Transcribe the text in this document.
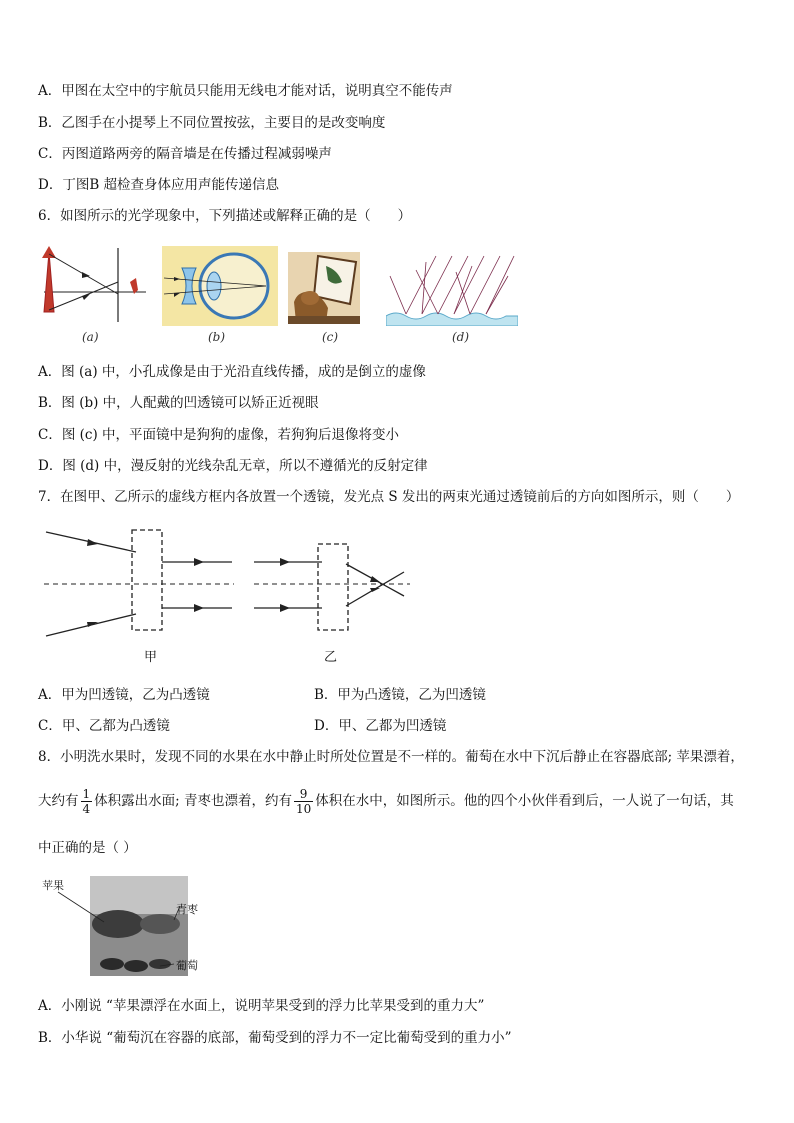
A．甲图在太空中的宇航员只能用无线电才能对话，说明真空不能传声
B．乙图手在小提琴上不同位置按弦，主要目的是改变响度
C．丙图道路两旁的隔音墙是在传播过程减弱噪声
D．丁图B 超检查身体应用声能传递信息
6．如图所示的光学现象中，下列描述或解释正确的是（　　）
(a)	(b)	(c)	(d)
A．图 (a) 中，小孔成像是由于光沿直线传播，成的是倒立的虚像
B．图 (b) 中，人配戴的凹透镜可以矫正近视眼
C．图 (c) 中，平面镜中是狗狗的虚像，若狗狗后退像将变小
D．图 (d) 中，漫反射的光线杂乱无章，所以不遵循光的反射定律
7．在图甲、乙所示的虚线方框内各放置一个透镜，发光点 S 发出的两束光通过透镜前后的方向如图所示，则（　　）
甲	乙
A．甲为凹透镜，乙为凸透镜	B．甲为凸透镜，乙为凹透镜
C．甲、乙都为凸透镜	D．甲、乙都为凹透镜
8．小明洗水果时，发现不同的水果在水中静止时所处位置是不一样的。葡萄在水中下沉后静止在容器底部; 苹果漂着，
大约有 $\frac{1}{4}$ 体积露出水面; 青枣也漂着，约有 $\frac{9}{10}$ 体积在水中，如图所示。他的四个小伙伴看到后，一人说了一句话，其
中正确的是（ ）
苹果
青枣
葡萄
A．小刚说 “苹果漂浮在水面上，说明苹果受到的浮力比苹果受到的重力大”
B．小华说 “葡萄沉在容器的底部，葡萄受到的浮力不一定比葡萄受到的重力小”
